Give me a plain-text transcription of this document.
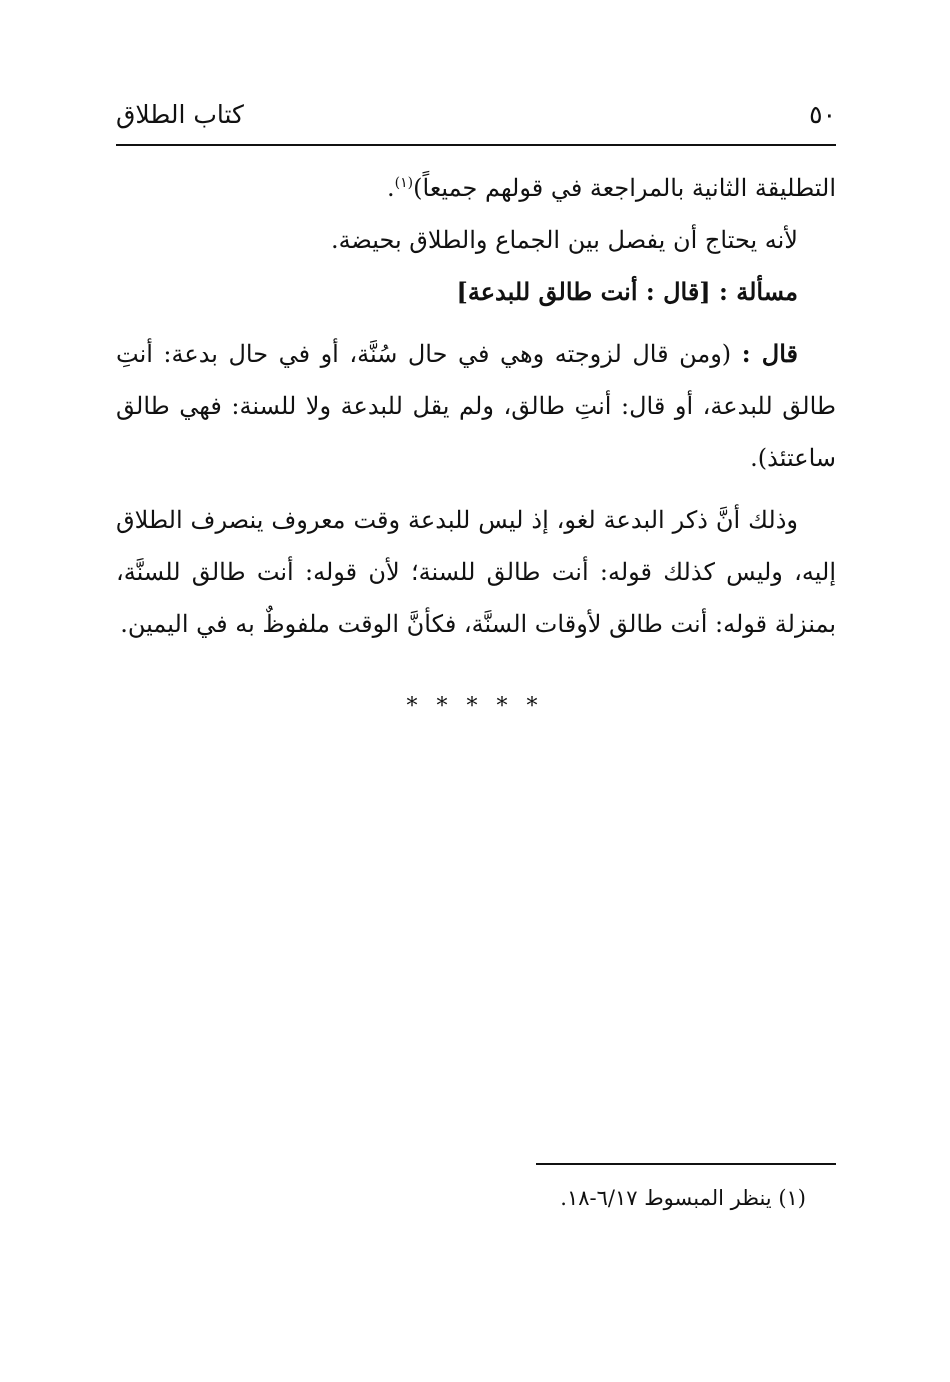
٥٠
كتاب الطلاق

التطليقة الثانية بالمراجعة في قولهم جميعاً)$^{(١)}$.

لأنه يحتاج أن يفصل بين الجماع والطلاق بحيضة.

مسألة : [قال : أنت طالق للبدعة]

قال : (ومن قال لزوجته وهي في حال سُنَّة، أو في حال بدعة: أنتِ طالق للبدعة، أو قال: أنتِ طالق، ولم يقل للبدعة ولا للسنة: فهي طالق ساعتئذ).

وذلك أنَّ ذكر البدعة لغو، إذ ليس للبدعة وقت معروف ينصرف الطلاق إليه، وليس كذلك قوله: أنت طالق للسنة؛ لأن قوله: أنت طالق للسنَّة، بمنزلة قوله: أنت طالق لأوقات السنَّة، فكأنَّ الوقت ملفوظٌ به في اليمين.

* * * * *
(١) ينظر المبسوط ٦/١٧-١٨.
